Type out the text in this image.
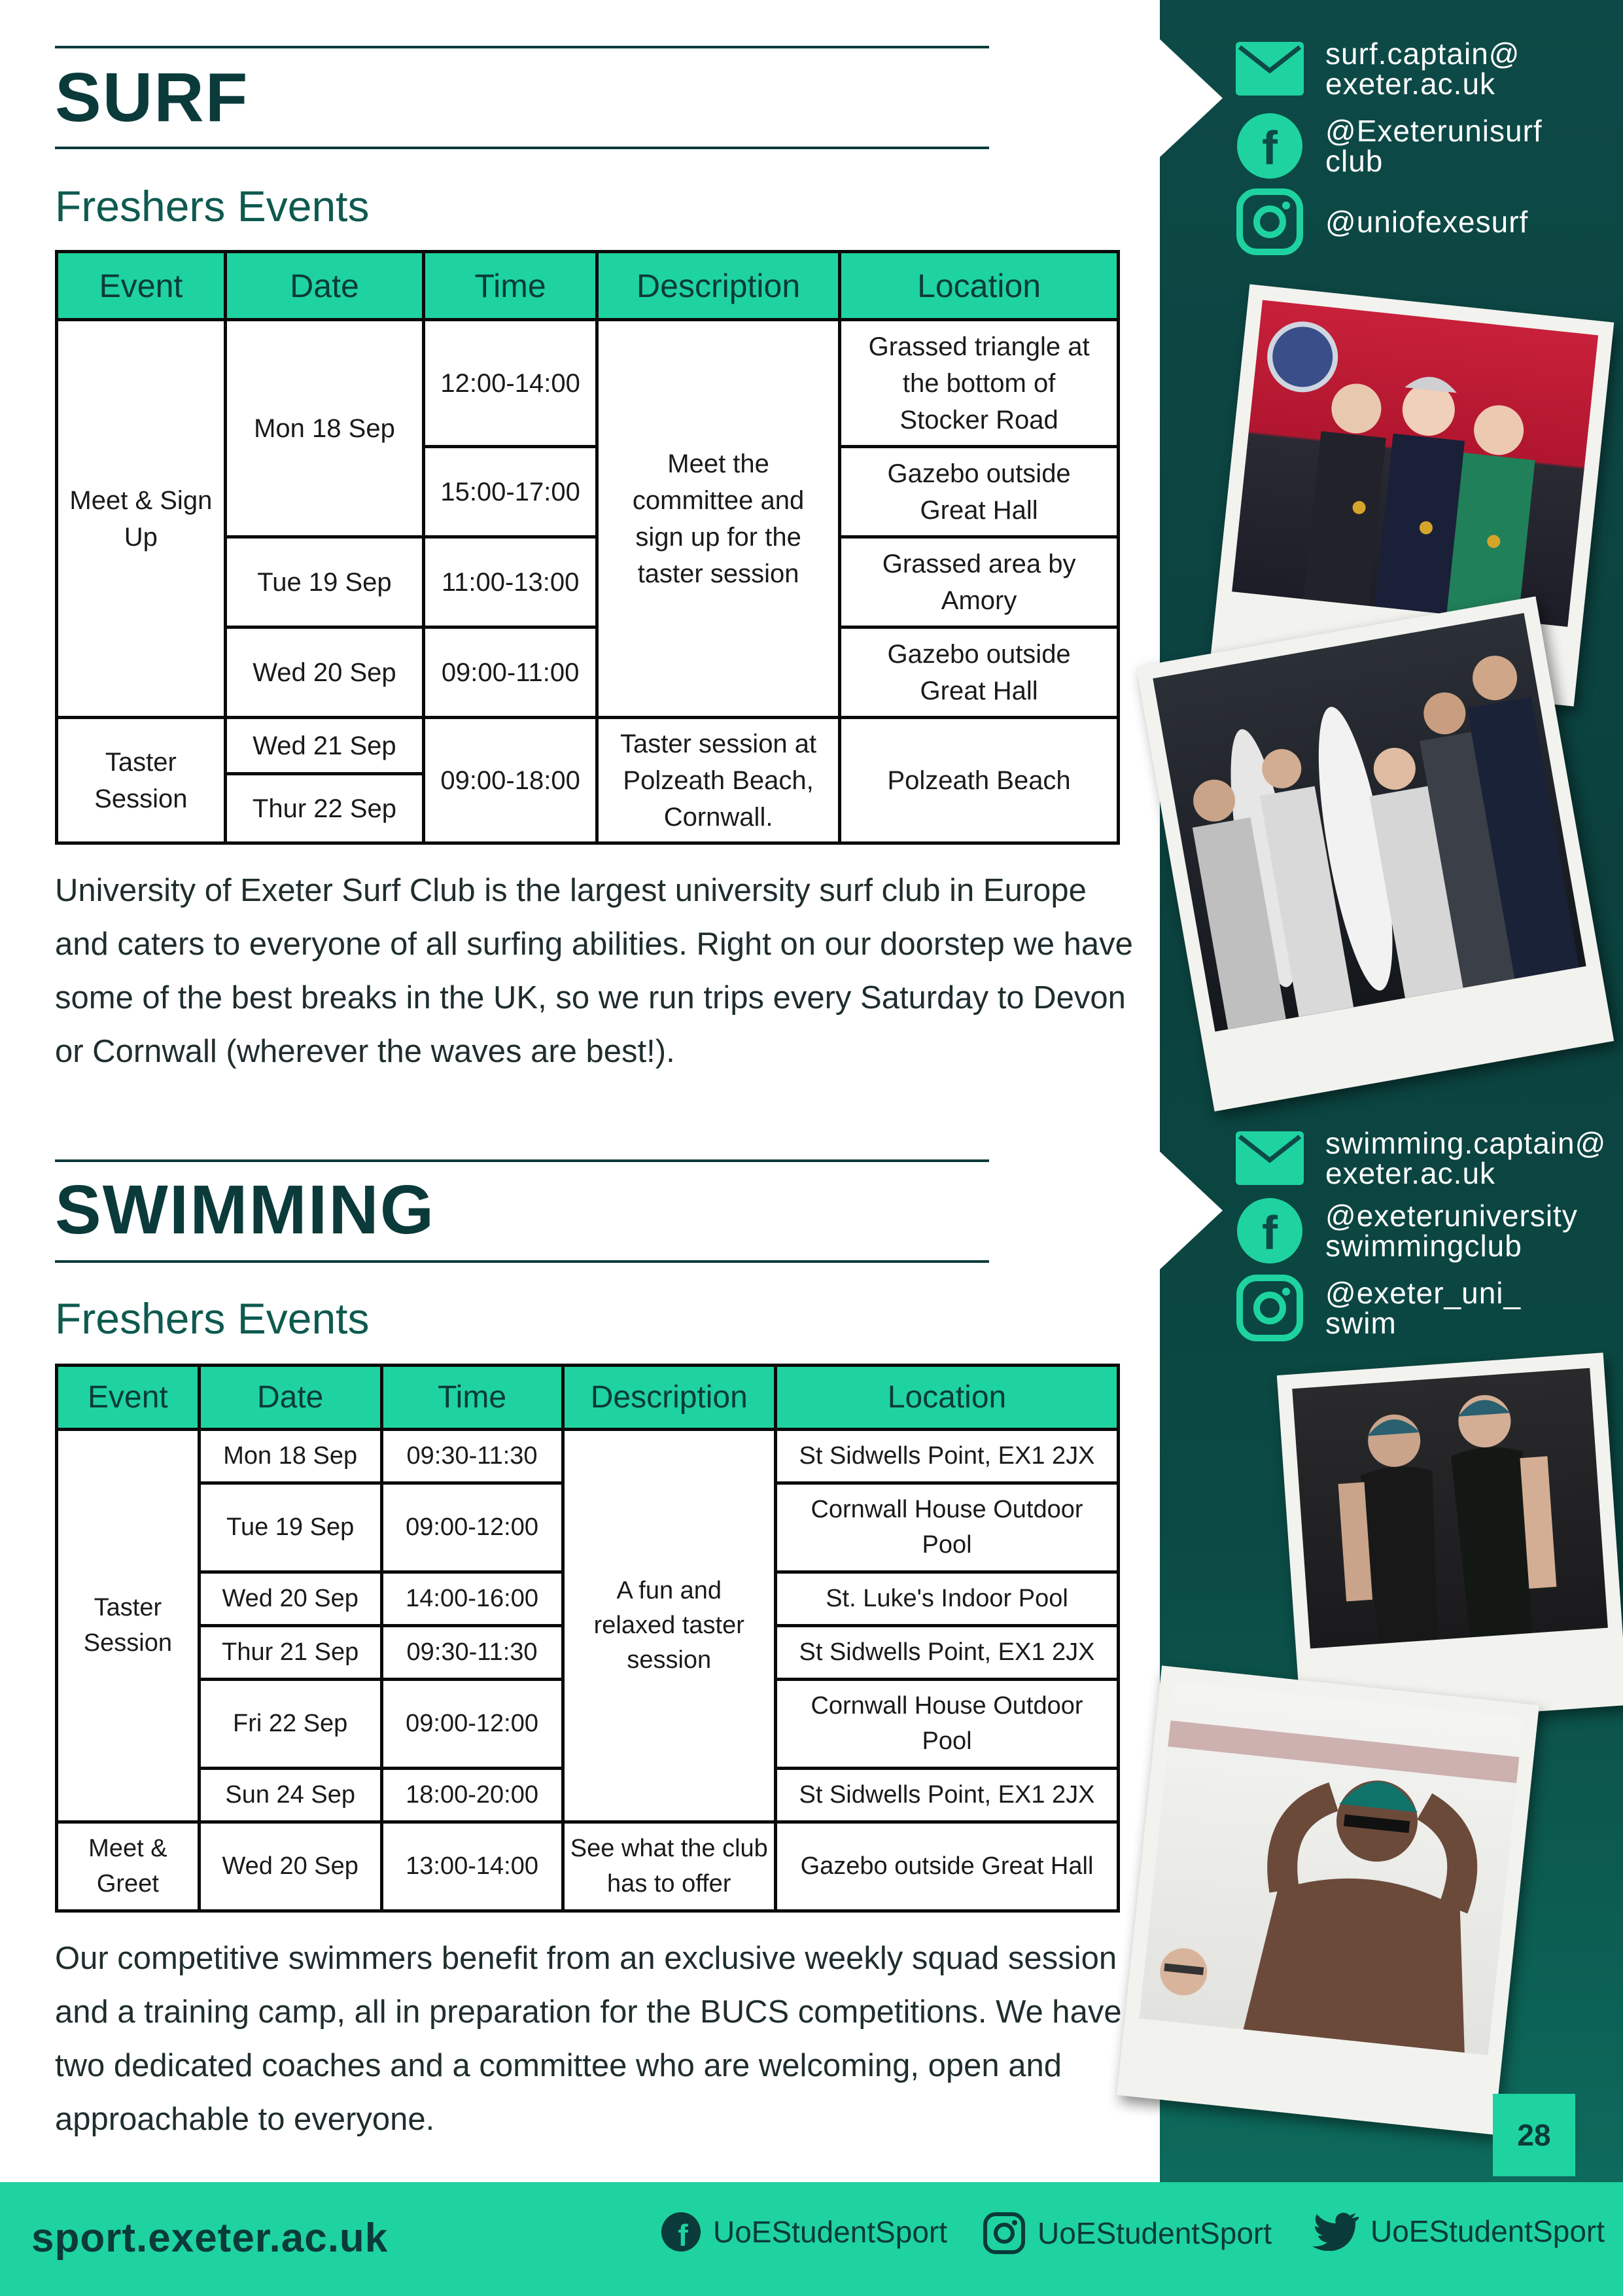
SURF
Freshers Events
Event	Date	Time	Description	Location
Meet & Sign Up	Mon 18 Sep	12:00-14:00	Meet the committee and sign up for the taster session	Grassed triangle at the bottom of Stocker Road
		15:00-17:00		Gazebo outside Great Hall
	Tue 19 Sep	11:00-13:00		Grassed area by Amory
	Wed 20 Sep	09:00-11:00		Gazebo outside Great Hall

Taster Session	Wed 21 Sep	09:00-18:00	Taster session at Polzeath Beach, Cornwall.	Polzeath Beach
	Thur 22 Sep			
University of Exeter Surf Club is the largest university surf club in Europe and caters to everyone of all surfing abilities. Right on our doorstep we have some of the best breaks in the UK, so we run trips every Saturday to Devon or Cornwall (wherever the waves are best!).
SWIMMING
Freshers Events
Event	Date	Time	Description	Location
Taster Session	Mon 18 Sep	09:30-11:30	A fun and relaxed taster session	St Sidwells Point, EX1 2JX
	Tue 19 Sep	09:00-12:00		Cornwall House Outdoor Pool
	Wed 20 Sep	14:00-16:00		St. Luke's Indoor Pool
	Thur 21 Sep	09:30-11:30		St Sidwells Point, EX1 2JX
	Fri 22 Sep	09:00-12:00		Cornwall House Outdoor Pool
	Sun 24 Sep	18:00-20:00		St Sidwells Point, EX1 2JX
Meet & Greet	Wed 20 Sep	13:00-14:00	See what the club has to offer	Gazebo outside Great Hall
Our competitive swimmers benefit from an exclusive weekly squad session and a training camp, all in preparation for the BUCS competitions. We have two dedicated coaches and a committee who are welcoming, open and approachable to everyone.
surf.captain@
exeter.ac.uk
f @Exeterunisurf
club
@uniofexesurf
swimming.captain@
exeter.ac.uk
f @exeteruniversity
swimmingclub
@exeter_uni_
swim
28
sport.exeter.ac.uk	f UoEStudentSport	UoEStudentSport	UoEStudentSport
